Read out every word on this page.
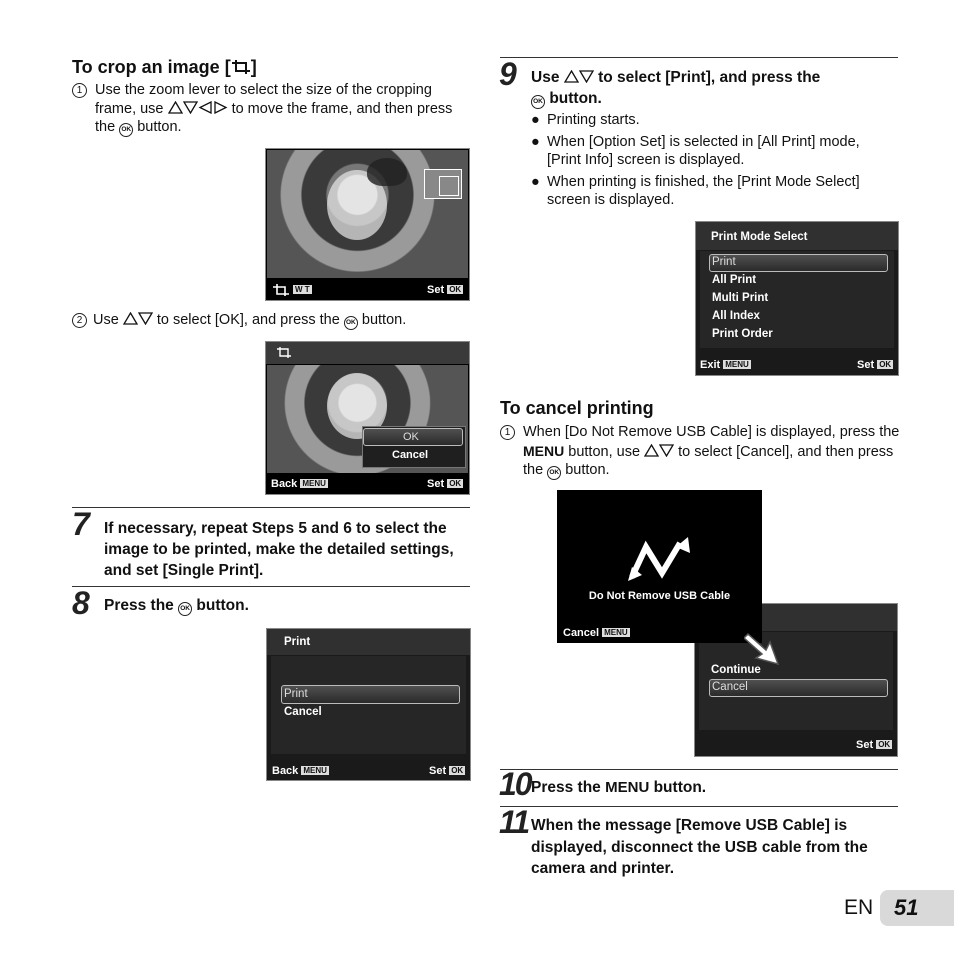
To crop an image [ ]
1 Use the zoom lever to select the size of the cropping frame, use	to move the frame, and then press the OK button.
W T	Set OK
2 Use	to select [OK], and press the OK button.
OK
Cancel
Back MENU	Set OK
7 If necessary, repeat Steps 5 and 6 to select the image to be printed, make the detailed settings, and set [Single Print].
8 Press the OK button.
Print
Print
Cancel
Back MENU	Set OK
9 Use to select [Print], and press the
OK button.
● Printing starts.
● When [Option Set] is selected in [All Print] mode, [Print Info] screen is displayed.
● When printing is finished, the [Print Mode Select] screen is displayed.
Print Mode Select
Print
All Print
Multi Print
All Index
Print Order
Exit MENU	Set OK
To cancel printing
1 When [Do Not Remove USB Cable] is displayed, press the MENU button, use	to select [Cancel], and then press the OK button.
Continue
Cancel
Set OK
Do Not Remove USB Cable
Cancel MENU
10 Press the MENU button.
11 When the message [Remove USB Cable] is displayed, disconnect the USB cable from the camera and printer.
EN 51
